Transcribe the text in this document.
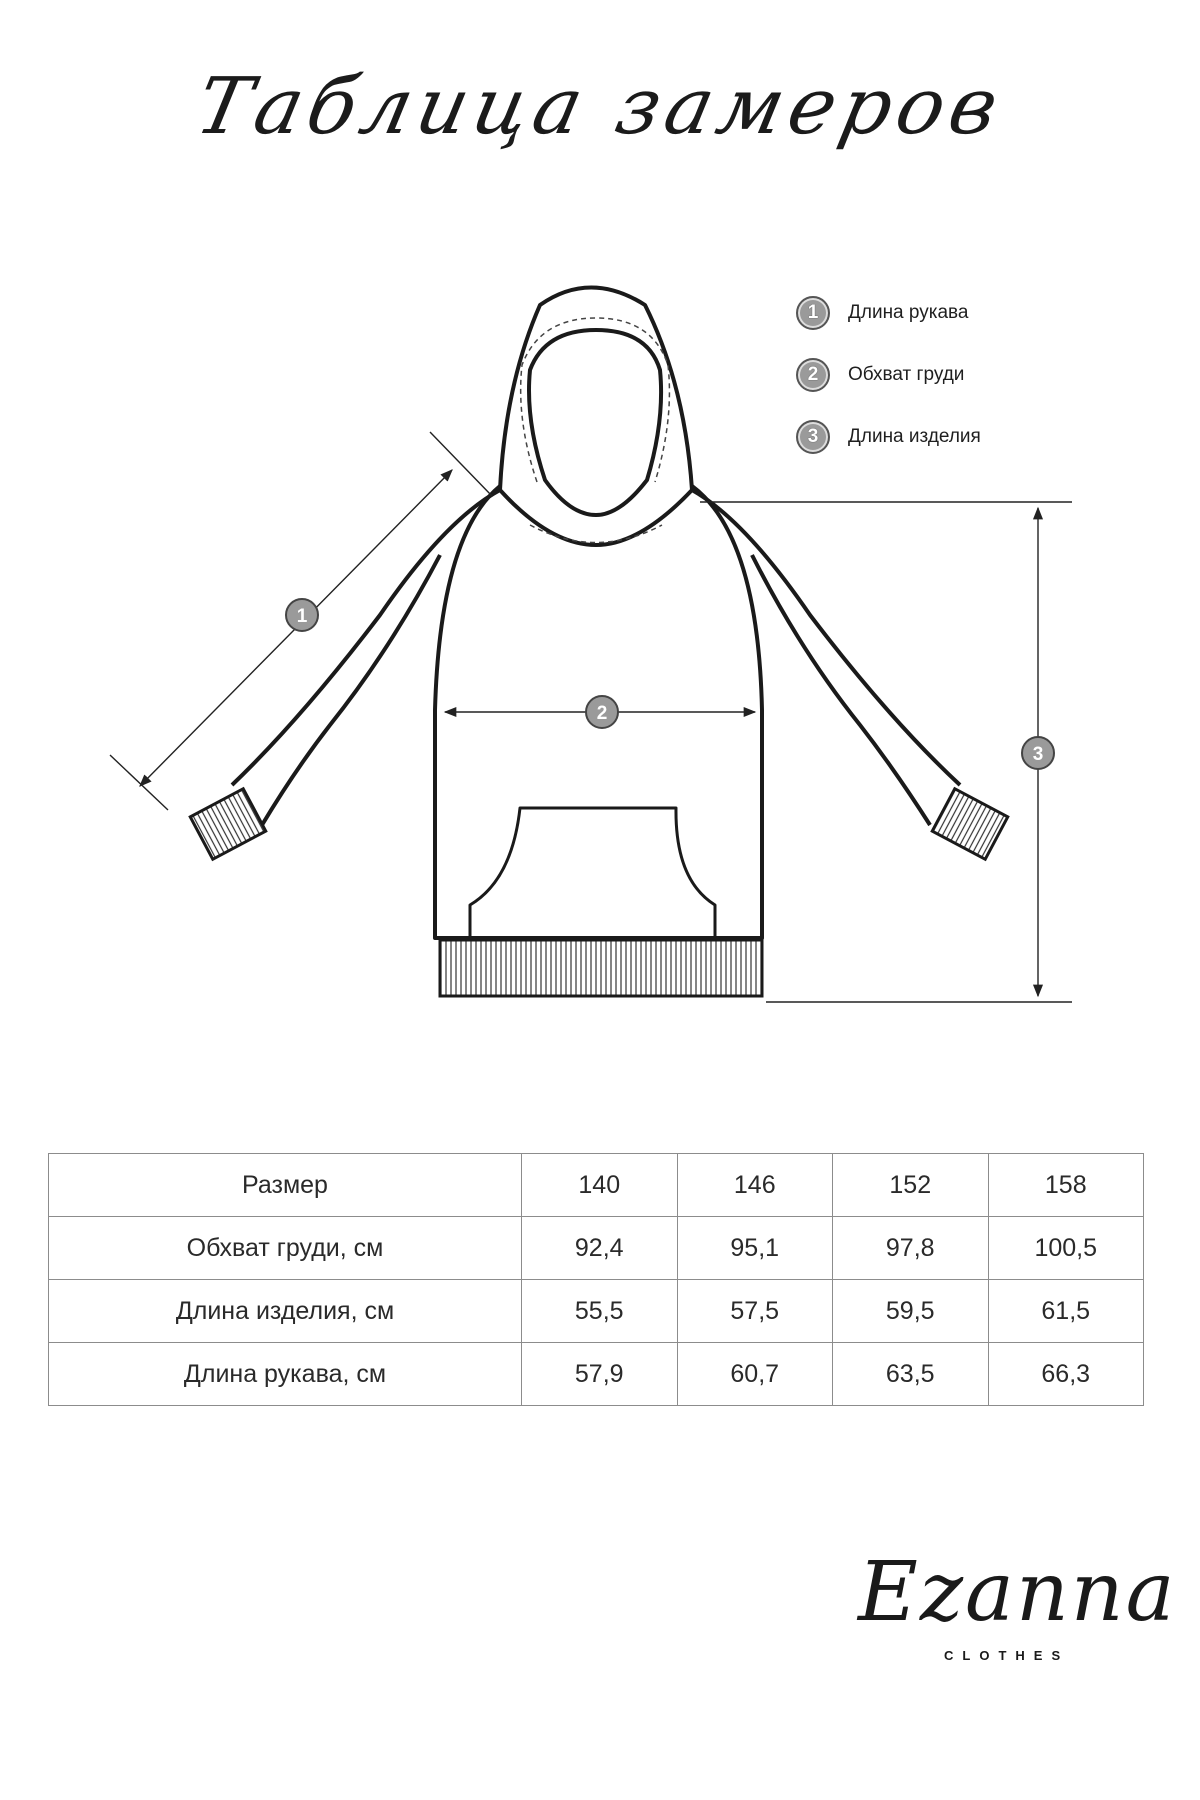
Таблица замеров
1
2
3
1	Длина рукава
2	Обхват груди
3	Длина изделия
Размер	140	146	152	158
Обхват груди, см	92,4	95,1	97,8	100,5
Длина изделия, см	55,5	57,5	59,5	61,5
Длина рукава, см	57,9	60,7	63,5	66,3
Ezanna
CLOTHES
